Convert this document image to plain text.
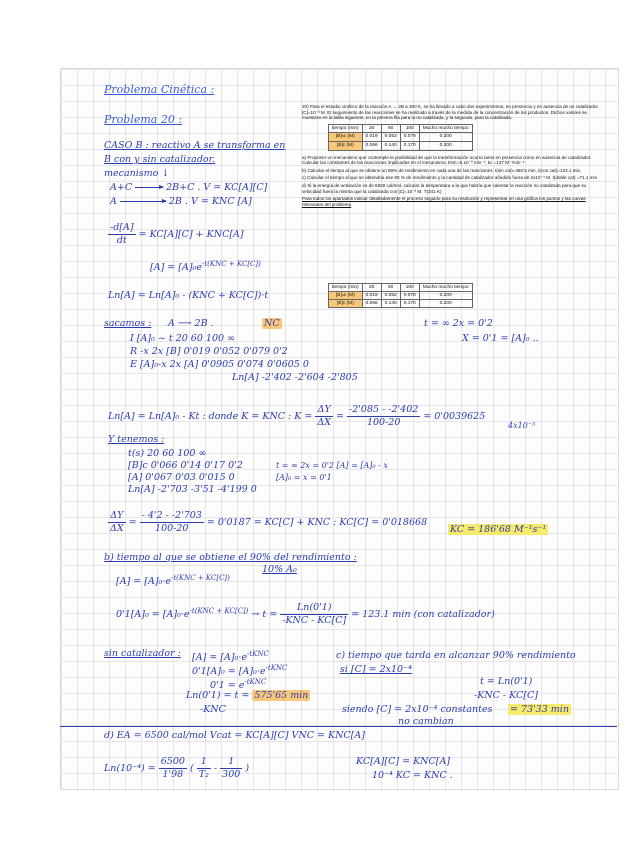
Problema Cinética :
Problema 20 :

20) Para el estudio cinético de la reacción A → 2B a 300 K, se ha llevado a cabo dos experimentos, en presencia y en ausencia de un catalizador [C]=10⁻³ M. El seguimiento de las reacciones se ha realizado a través de la medida de la concentración de los productos. Dichos valores se muestran en la tabla siguiente, en la primera fila para la no catalizada, y la segunda, para la catalizada.

tiempo (min)	20	60	100	Mucho mucho tiempo
[B]ₙc (M)	0.019	0.052	0.079	0.200
[B]c (M)	0.066	0.140	0.170	0.200

a) Proponer un mecanismo que contemple la posibilidad de que la transformación ocurra tanto en presencia como en ausencia de catalizador. Calcular las constantes de las reacciones implicadas en el mecanismo. kNC=5.10⁻³ min⁻¹; kc =137 M⁻¹min⁻¹

b) Calcular el tiempo al que se obtiene un 90% de rendimiento en cada una de las reacciones. t(sin cat)=460.5 min, t(con cat)=123.1 min.

c) Calcular el tiempo al que se obtendría ese 90 % de rendimiento y la cantidad de catalizador añadido fuera de 2x10⁻⁴ M. t(doble cat) =71.1 min

d) Si la energía de activación es de 6500 cal/mol, calcular la temperatura a la que habría que calentar la reacción no catalizada para que su velocidad fuera la misma que la catalizada con [C]=10⁻³ M. T(341 K)

Para todos los apartados indicar detalladamente el proceso seguido para su resolución y representar en una gráfica los puntos y las curvas relevantes del problema

tiempo (min)	20	60	100	Mucho mucho tiempo
[B]ₙc (M)	0.019	0.052	0.079	0.200
[B]c (M)	0.066	0.140	0.170	0.200
CASO B : reactivo A se transforma en
B con y sin catalizador.
mecanismo ↓
A+C	2B+C . V = KC[A][C]
A	2B . V = KNC [A]
$\frac{-d[A]}{dt} = KC[A][C] + KNC[A]$
$[A] = [A]_0e^{-t(KNC + KC[C])}$
Ln[A] = Ln[A]₀ - (KNC + KC[C])·t
sacamos : A ⟶ 2B .	NC	t = ∞ 2x = 0'2
X = 0'1 = [A]₀ ..
I [A]₀ ~ t 20 60 100 ∞
R -x 2x [B] 0'019 0'052 0'079 0'2
E [A]₀-x 2x [A] 0'0905 0'074 0'0605 0
Ln[A] -2'402 -2'604 -2'805
Ln[A] = Ln[A]₀ - Kt : donde K = KNC : $K = \frac{\Delta Y}{\Delta X} = \frac{-2'085 - -2'402}{100-20} = 0'0039625$
4x10⁻³
Y tenemos :
t(s) 20 60 100 ∞
[B]c 0'066 0'14 0'17 0'2	t = ∞ 2x = 0'2 [A] = [A]₀ - x
[A] 0'067 0'03 0'015 0	[A]₀ = x = 0'1
Ln[A] -2'703 -3'51 -4'199 0
$\frac{\Delta Y}{\Delta X} = \frac{- 4'2 - -2'703}{100-20} = 0'0187 = KC[C]$ + KNC : KC[C] = 0'018668
KC = 186'68 M⁻¹s⁻¹
b) tiempo al que se obtiene el 90% del rendimiento :
$[A] = [A]_0\cdot e^{-t(KNC + KC[C])}$
10% A₀
$0'1[A]_0 = [A]_0\cdot e^{-t(KNC + KC[C])} \to t = \frac{Ln(0'1)}{\text{-KNC - KC[C]}} = 123.1$ min (con catalizador)
sin catalizador : $[A] = [A]_0\cdot e^{-tKNC}$
$0'1[A]_0 = [A]_0\cdot e^{-tKNC}$
$0'1 = e^{-tKNC}$
Ln(0'1) = t = 575'65 min
-KNC
c) tiempo que tarda en alcanzar 90% rendimiento
si [C] = 2x10⁻⁴
t = Ln(0'1)
-KNC - KC[C]
siendo [C] = 2x10⁻⁴ constantes = 73'33 min
no cambian
d) EA = 6500 cal/mol Vcat = KC[A][C] VNC = KNC[A]
$Ln(10^{-4}) = \frac{6500}{1'98}$ ( $\frac{1}{\text{T₂}} - \frac{1}{300}$ )
KC[A][C] = KNC[A]
10⁻⁴ KC = KNC .
